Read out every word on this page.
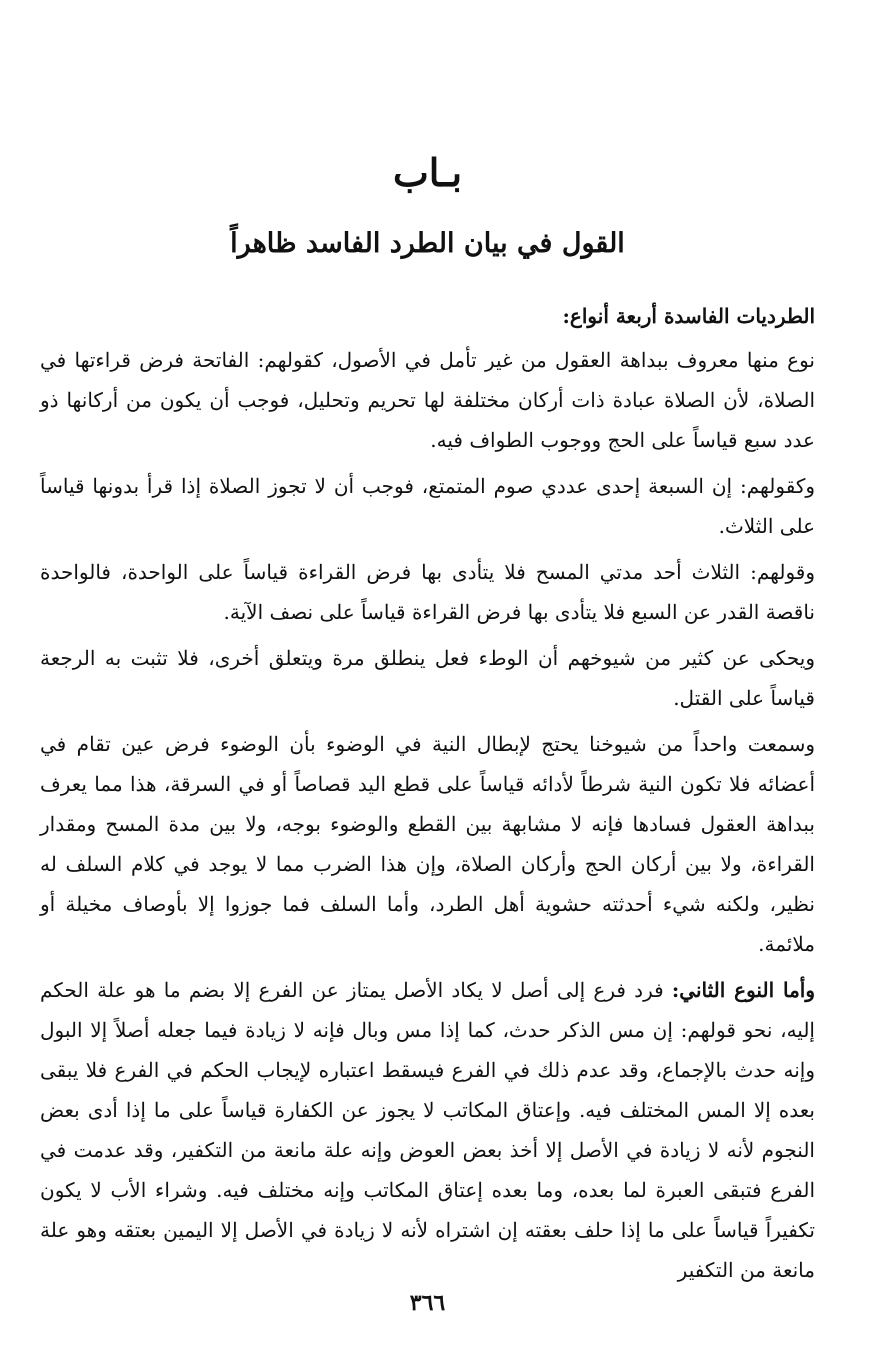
بـاب
القول في بيان الطرد الفاسد ظاهراً

الطرديات الفاسدة أربعة أنواع:

نوع منها معروف ببداهة العقول من غير تأمل في الأصول، كقولهم: الفاتحة فرض قراءتها في الصلاة، لأن الصلاة عبادة ذات أركان مختلفة لها تحريم وتحليل، فوجب أن يكون من أركانها ذو عدد سبع قياساً على الحج ووجوب الطواف فيه.

وكقولهم: إن السبعة إحدى عددي صوم المتمتع، فوجب أن لا تجوز الصلاة إذا قرأ بدونها قياساً على الثلاث.

وقولهم: الثلاث أحد مدتي المسح فلا يتأدى بها فرض القراءة قياساً على الواحدة، فالواحدة ناقصة القدر عن السبع فلا يتأدى بها فرض القراءة قياساً على نصف الآية.

ويحكى عن كثير من شيوخهم أن الوطء فعل ينطلق مرة ويتعلق أخرى، فلا تثبت به الرجعة قياساً على القتل.

وسمعت واحداً من شيوخنا يحتج لإبطال النية في الوضوء بأن الوضوء فرض عين تقام في أعضائه فلا تكون النية شرطاً لأدائه قياساً على قطع اليد قصاصاً أو في السرقة، هذا مما يعرف ببداهة العقول فسادها فإنه لا مشابهة بين القطع والوضوء بوجه، ولا بين مدة المسح ومقدار القراءة، ولا بين أركان الحج وأركان الصلاة، وإن هذا الضرب مما لا يوجد في كلام السلف له نظير، ولكنه شيء أحدثته حشوية أهل الطرد، وأما السلف فما جوزوا إلا بأوصاف مخيلة أو ملائمة.

وأما النوع الثاني: فرد فرع إلى أصل لا يكاد الأصل يمتاز عن الفرع إلا بضم ما هو علة الحكم إليه، نحو قولهم: إن مس الذكر حدث، كما إذا مس وبال فإنه لا زيادة فيما جعله أصلاً إلا البول وإنه حدث بالإجماع، وقد عدم ذلك في الفرع فيسقط اعتباره لإيجاب الحكم في الفرع فلا يبقى بعده إلا المس المختلف فيه. وإعتاق المكاتب لا يجوز عن الكفارة قياساً على ما إذا أدى بعض النجوم لأنه لا زيادة في الأصل إلا أخذ بعض العوض وإنه علة مانعة من التكفير، وقد عدمت في الفرع فتبقى العبرة لما بعده، وما بعده إعتاق المكاتب وإنه مختلف فيه. وشراء الأب لا يكون تكفيراً قياساً على ما إذا حلف بعقته إن اشتراه لأنه لا زيادة في الأصل إلا اليمين بعتقه وهو علة مانعة من التكفير

٣٦٦
